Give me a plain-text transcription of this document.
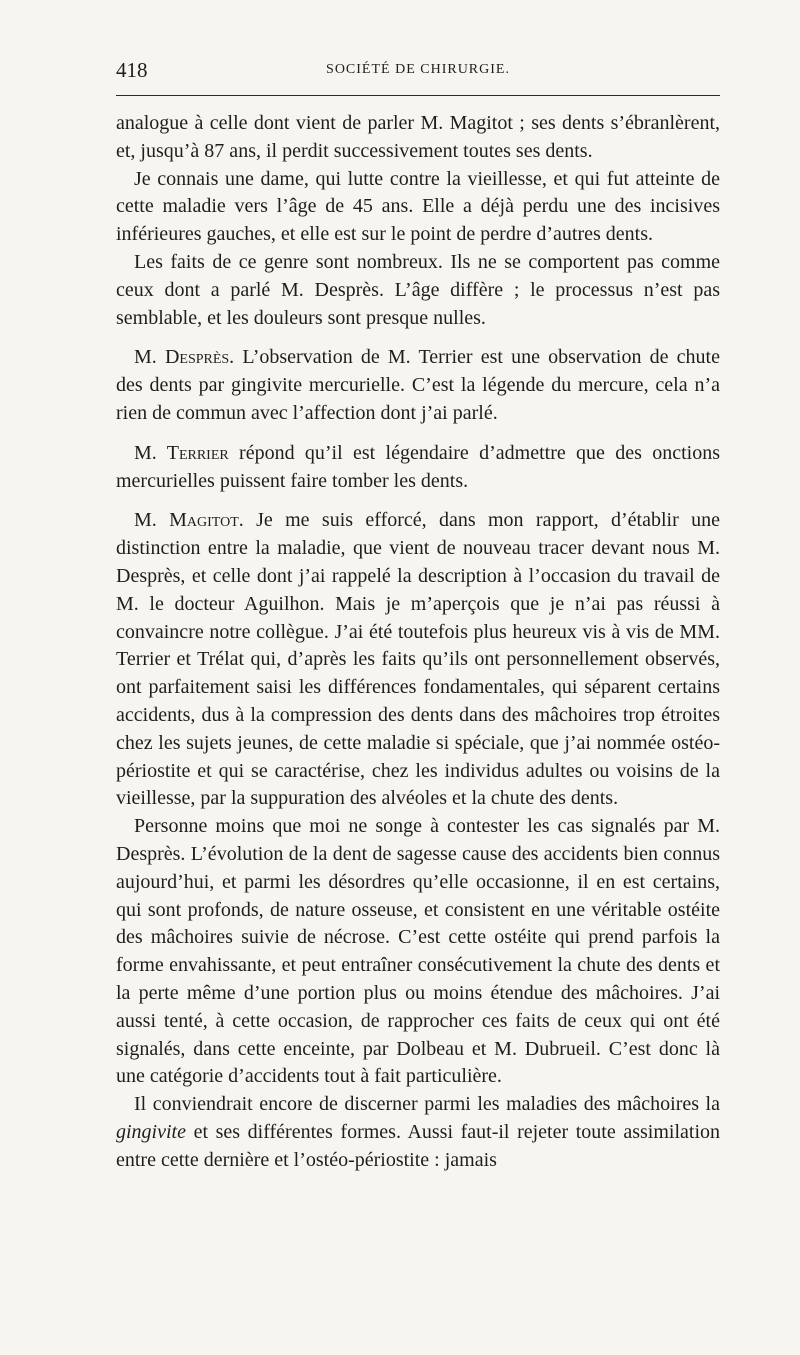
418	SOCIÉTÉ DE CHIRURGIE.

analogue à celle dont vient de parler M. Magitot ; ses dents s’ébranlèrent, et, jusqu’à 87 ans, il perdit successivement toutes ses dents.

Je connais une dame, qui lutte contre la vieillesse, et qui fut atteinte de cette maladie vers l’âge de 45 ans. Elle a déjà perdu une des incisives inférieures gauches, et elle est sur le point de perdre d’autres dents.

Les faits de ce genre sont nombreux. Ils ne se comportent pas comme ceux dont a parlé M. Desprès. L’âge diffère ; le processus n’est pas semblable, et les douleurs sont presque nulles.

M. Desprès. L’observation de M. Terrier est une observation de chute des dents par gingivite mercurielle. C’est la légende du mercure, cela n’a rien de commun avec l’affection dont j’ai parlé.

M. Terrier répond qu’il est légendaire d’admettre que des onctions mercurielles puissent faire tomber les dents.

M. Magitot. Je me suis efforcé, dans mon rapport, d’établir une distinction entre la maladie, que vient de nouveau tracer devant nous M. Desprès, et celle dont j’ai rappelé la description à l’occasion du travail de M. le docteur Aguilhon. Mais je m’aperçois que je n’ai pas réussi à convaincre notre collègue. J’ai été toutefois plus heureux vis à vis de MM. Terrier et Trélat qui, d’après les faits qu’ils ont personnellement observés, ont parfaitement saisi les différences fondamentales, qui séparent certains accidents, dus à la compression des dents dans des mâchoires trop étroites chez les sujets jeunes, de cette maladie si spéciale, que j’ai nommée ostéo-périostite et qui se caractérise, chez les individus adultes ou voisins de la vieillesse, par la suppuration des alvéoles et la chute des dents.

Personne moins que moi ne songe à contester les cas signalés par M. Desprès. L’évolution de la dent de sagesse cause des accidents bien connus aujourd’hui, et parmi les désordres qu’elle occasionne, il en est certains, qui sont profonds, de nature osseuse, et consistent en une véritable ostéite des mâchoires suivie de nécrose. C’est cette ostéite qui prend parfois la forme envahissante, et peut entraîner consécutivement la chute des dents et la perte même d’une portion plus ou moins étendue des mâchoires. J’ai aussi tenté, à cette occasion, de rapprocher ces faits de ceux qui ont été signalés, dans cette enceinte, par Dolbeau et M. Dubrueil. C’est donc là une catégorie d’accidents tout à fait particulière.

Il conviendrait encore de discerner parmi les maladies des mâchoires la gingivite et ses différentes formes. Aussi faut-il rejeter toute assimilation entre cette dernière et l’ostéo-périostite : jamais
